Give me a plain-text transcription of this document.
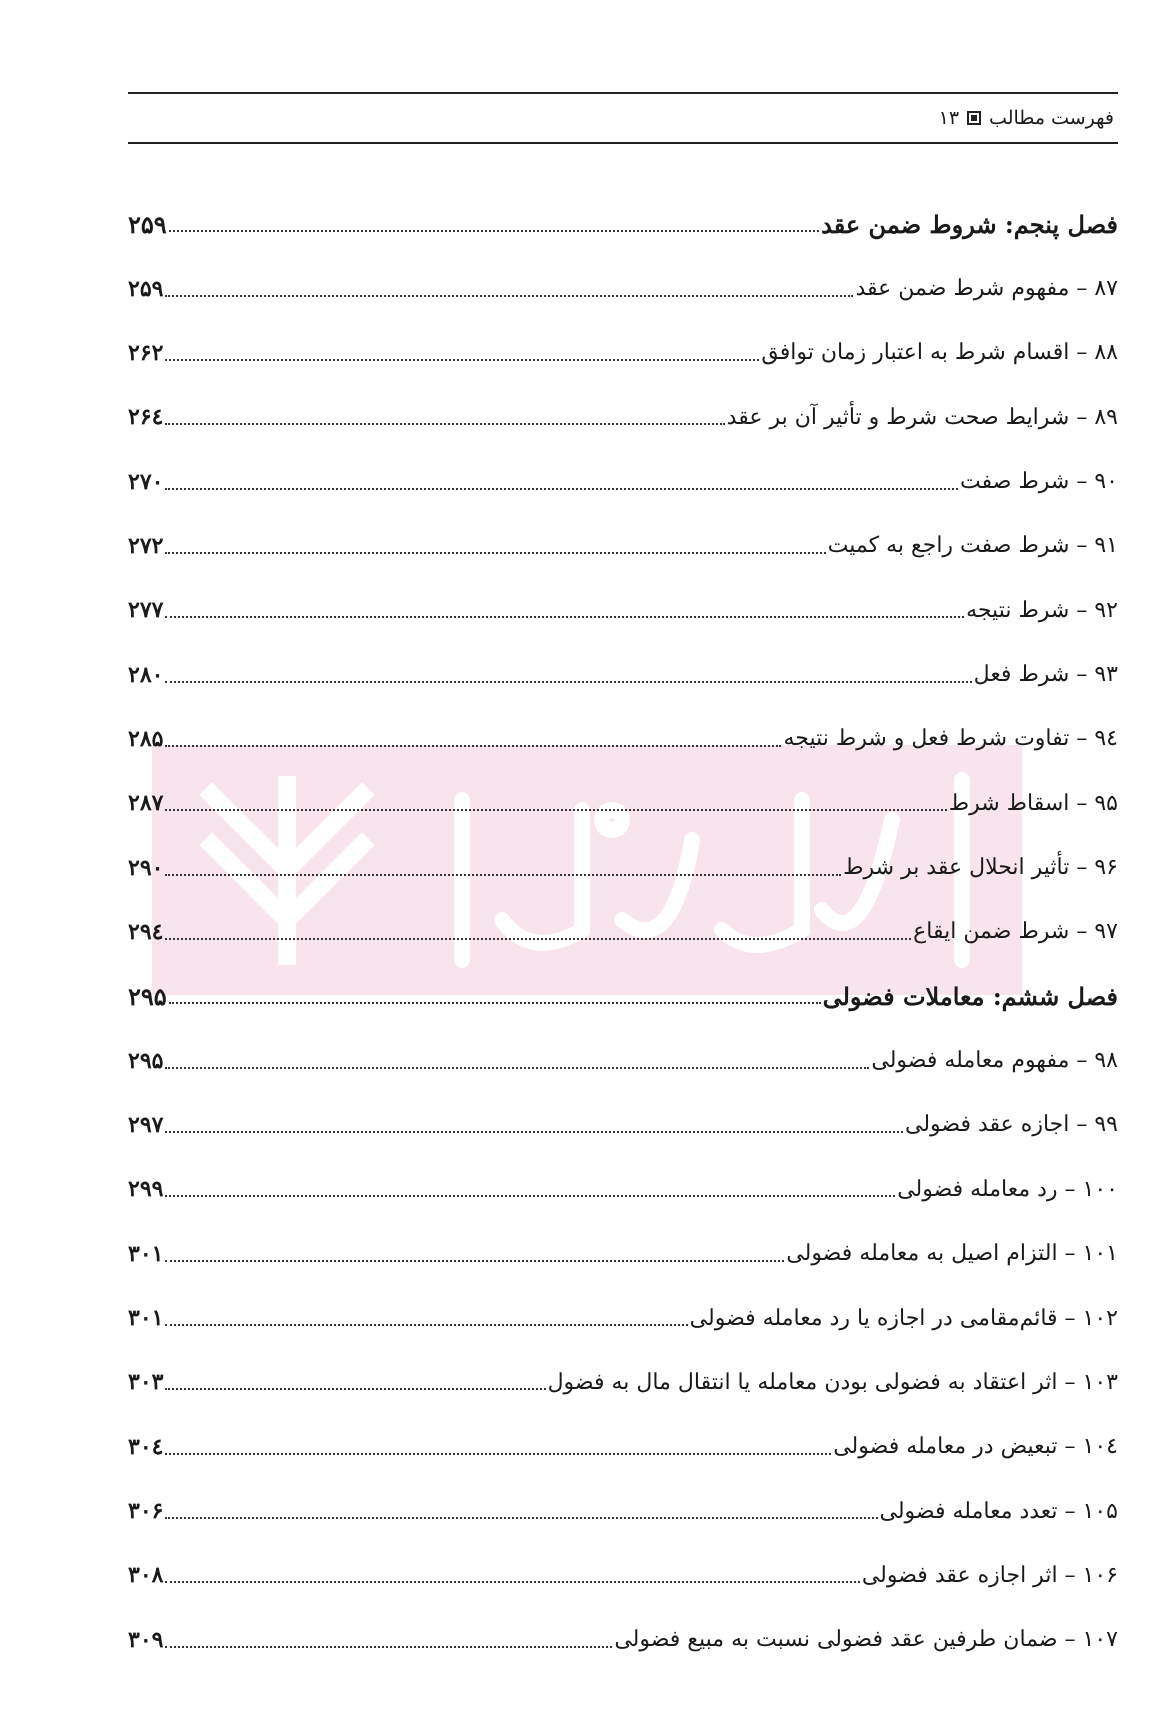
فهرست مطالب
۱۳
فصل پنجم: شروط ضمن عقد
۲۵۹
۸۷ – مفهوم شرط ضمن عقد
۲۵۹
۸۸ – اقسام شرط به اعتبار زمان توافق
۲۶۲
۸۹ – شرایط صحت شرط و تأثیر آن بر عقد
۲۶٤
۹۰ – شرط صفت
۲۷۰
۹۱ – شرط صفت راجع به کمیت
۲۷۲
۹۲ – شرط نتیجه
۲۷۷
۹۳ – شرط فعل
۲۸۰
۹٤ – تفاوت شرط فعل و شرط نتیجه
۲۸۵
۹۵ – اسقاط شرط
۲۸۷
۹۶ – تأثیر انحلال عقد بر شرط
۲۹۰
۹۷ – شرط ضمن ایقاع
۲۹٤
فصل ششم: معاملات فضولی
۲۹۵
۹۸ – مفهوم معامله فضولی
۲۹۵
۹۹ – اجازه عقد فضولی
۲۹۷
۱۰۰ – رد معامله فضولی
۲۹۹
۱۰۱ – التزام اصیل به معامله فضولی
۳۰۱
۱۰۲ – قائم‌مقامی در اجازه یا رد معامله فضولی
۳۰۱
۱۰۳ – اثر اعتقاد به فضولی بودن معامله یا انتقال مال به فضول
۳۰۳
۱۰٤ – تبعیض در معامله فضولی
۳۰٤
۱۰۵ – تعدد معامله فضولی
۳۰۶
۱۰۶ – اثر اجازه عقد فضولی
۳۰۸
۱۰۷ – ضمان طرفین عقد فضولی نسبت به مبیع فضولی
۳۰۹
